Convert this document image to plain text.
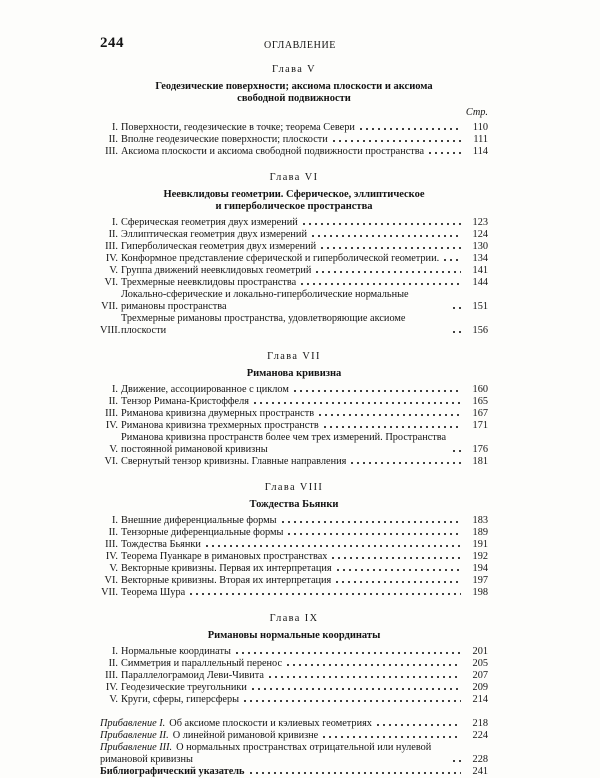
244	ОГЛАВЛЕНИЕ
Глава V
Геодезические поверхности; аксиома плоскости и аксиома
свободной подвижности
Стр.
I. Поверхности, геодезические в точке; теорема Севери	110
II. Вполне геодезические поверхности; плоскости	111
III. Аксиома плоскости и аксиома свободной подвижности пространства	114
Глава VI
Неевклидовы геометрии. Сферическое, эллиптическое
и гиперболическое пространства
I. Сферическая геометрия двух измерений	123
II. Эллиптическая геометрия двух измерений	124
III. Гиперболическая геометрия двух измерений	130
IV. Конформное представление сферической и гиперболической геометрии.	134
V. Группа движений неевклидовых геометрий	141
VI. Трехмерные неевклидовы пространства	144
VII.
Локально-сферические и локально-гиперболические нормальные римановы пространства	151
VIII.
Трехмерные римановы пространства, удовлетворяющие аксиоме плоскости	156
Глава VII
Риманова кривизна
I. Движение, ассоциированное с циклом	160
II. Тензор Римана-Кристоффеля	165
III. Риманова кривизна двумерных пространств	167
IV. Риманова кривизна трехмерных пространств	171
V.
Риманова кривизна пространств более чем трех измерений. Пространства постоянной римановой кривизны	176
VI. Свернутый тензор кривизны. Главные направления	181
Глава VIII
Тождества Бьянки
I. Внешние диференциальные формы	183
II. Тензорные диференциальные формы	189
III. Тождества Бьянки	191
IV. Теорема Пуанкаре в римановых пространствах	192
V. Векторные кривизны. Первая их интерпретация	194
VI. Векторные кривизны. Вторая их интерпретация	197
VII. Теорема Шура	198
Глава IX
Римановы нормальные координаты
I. Нормальные координаты	201
II. Симметрия и параллельный перенос	205
III. Параллелограмоид Леви-Чивита	207
IV. Геодезические треугольники	209
V. Круги, сферы, гиперсферы	214
Прибавление I. Об аксиоме плоскости и кэлиевых геометриях	218
Прибавление II. О линейной римановой кривизне	224
Прибавление III. О нормальных пространствах отрицательной или нулевой римановой кривизны	228
Библиографический указатель	241
